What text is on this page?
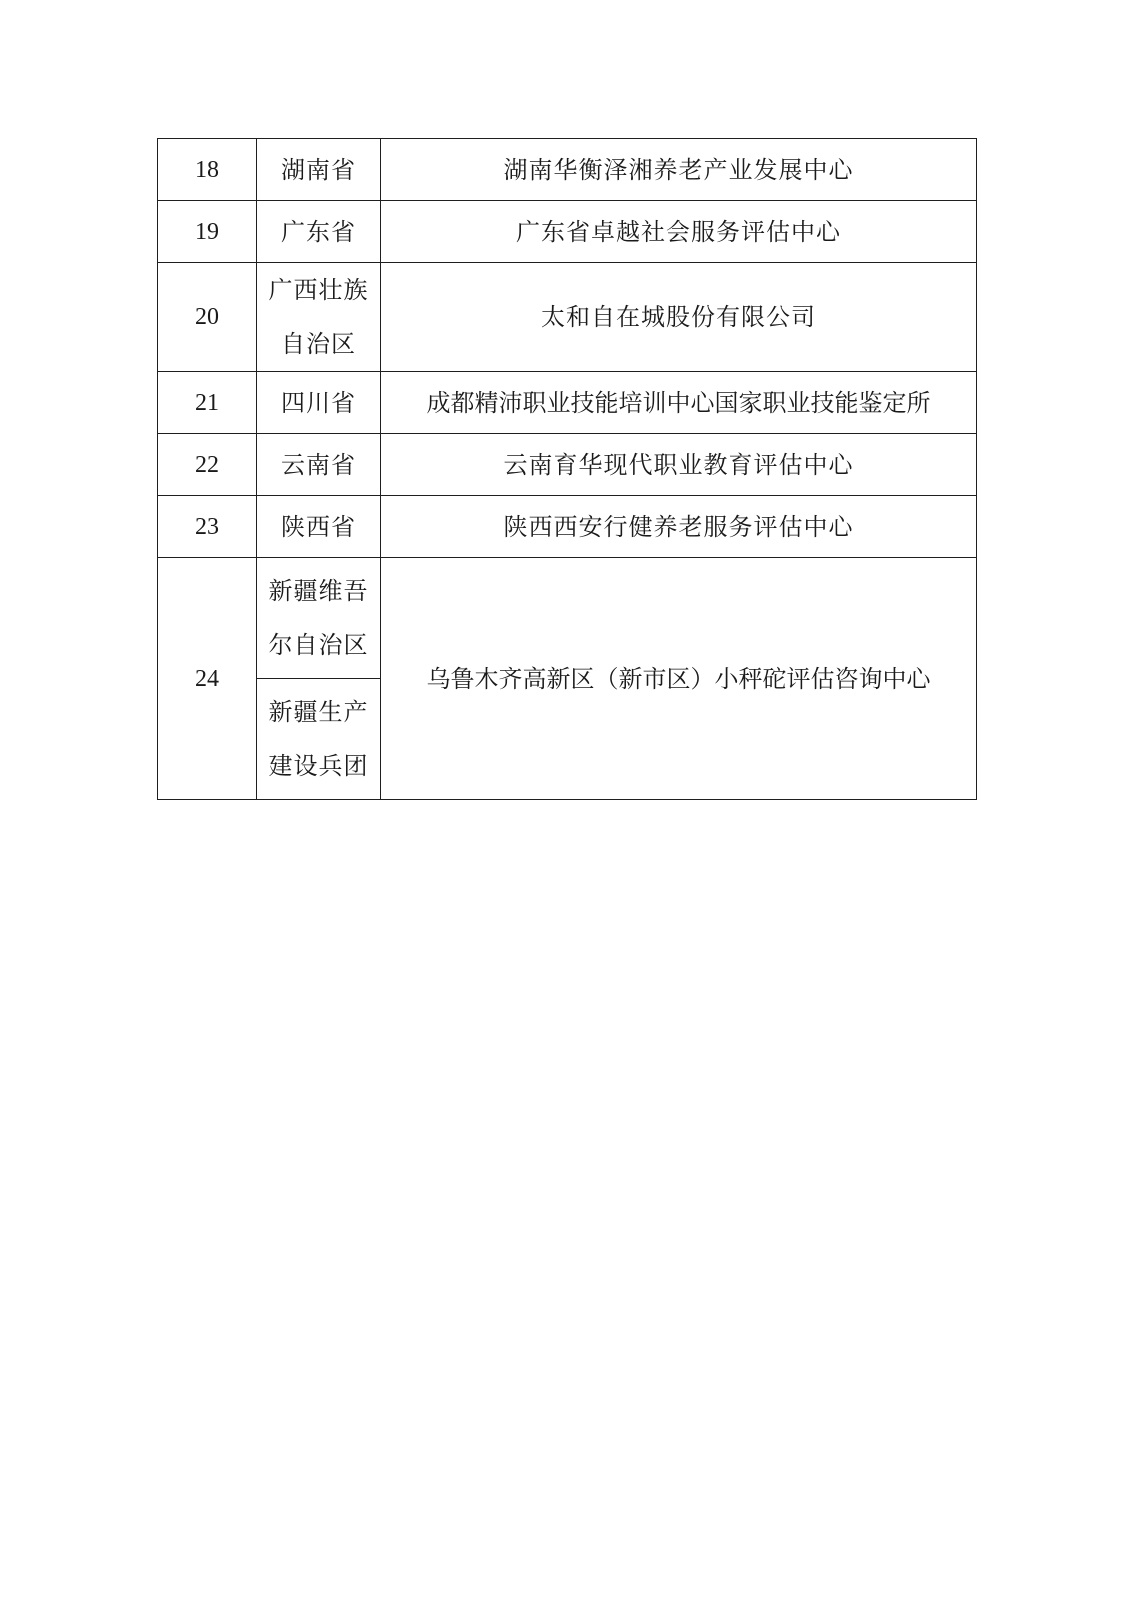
18	湖南省	湖南华衡泽湘养老产业发展中心
19	广东省	广东省卓越社会服务评估中心
20	广西壮族自治区	太和自在城股份有限公司
21	四川省	成都精沛职业技能培训中心国家职业技能鉴定所
22	云南省	云南育华现代职业教育评估中心
23	陕西省	陕西西安行健养老服务评估中心
24	新疆维吾尔自治区	乌鲁木齐高新区（新市区）小秤砣评估咨询中心

	新疆生产建设兵团	
